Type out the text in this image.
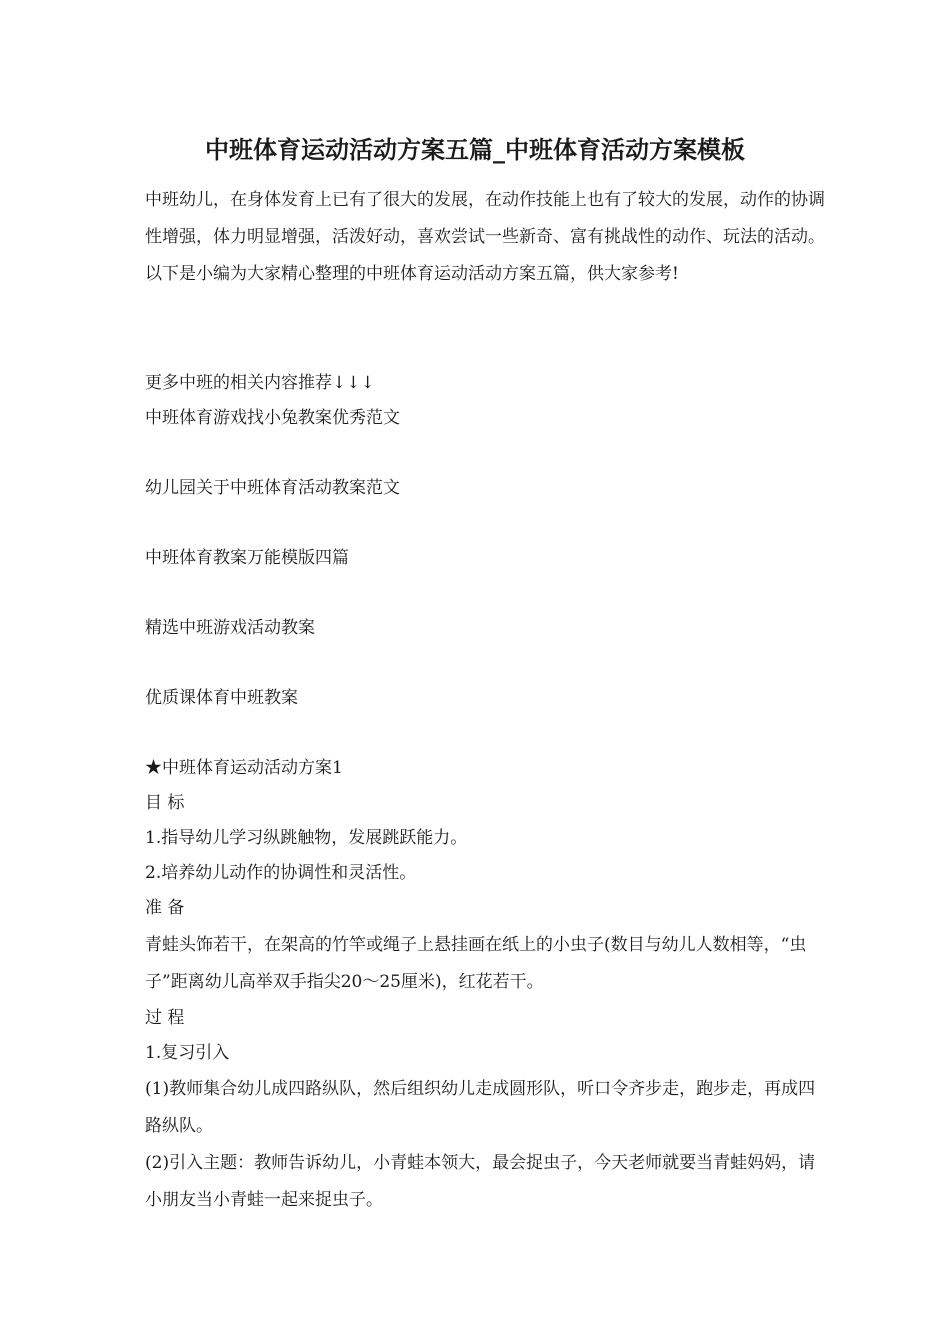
中班体育运动活动方案五篇_中班体育活动方案模板

中班幼儿，在身体发育上已有了很大的发展，在动作技能上也有了较大的发展，动作的协调性增强，体力明显增强，活泼好动，喜欢尝试一些新奇、富有挑战性的动作、玩法的活动。以下是小编为大家精心整理的中班体育运动活动方案五篇，供大家参考!

更多中班的相关内容推荐↓↓↓

中班体育游戏找小兔教案优秀范文

幼儿园关于中班体育活动教案范文

中班体育教案万能模版四篇

精选中班游戏活动教案

优质课体育中班教案

★中班体育运动活动方案1

目 标

1.指导幼儿学习纵跳触物，发展跳跃能力。

2.培养幼儿动作的协调性和灵活性。

准 备

青蛙头饰若干，在架高的竹竿或绳子上悬挂画在纸上的小虫子(数目与幼儿人数相等，“虫子”距离幼儿高举双手指尖20～25厘米)，红花若干。

过 程

1.复习引入

(1)教师集合幼儿成四路纵队，然后组织幼儿走成圆形队，听口令齐步走，跑步走，再成四路纵队。

(2)引入主题：教师告诉幼儿，小青蛙本领大，最会捉虫子，今天老师就要当青蛙妈妈，请小朋友当小青蛙一起来捉虫子。
